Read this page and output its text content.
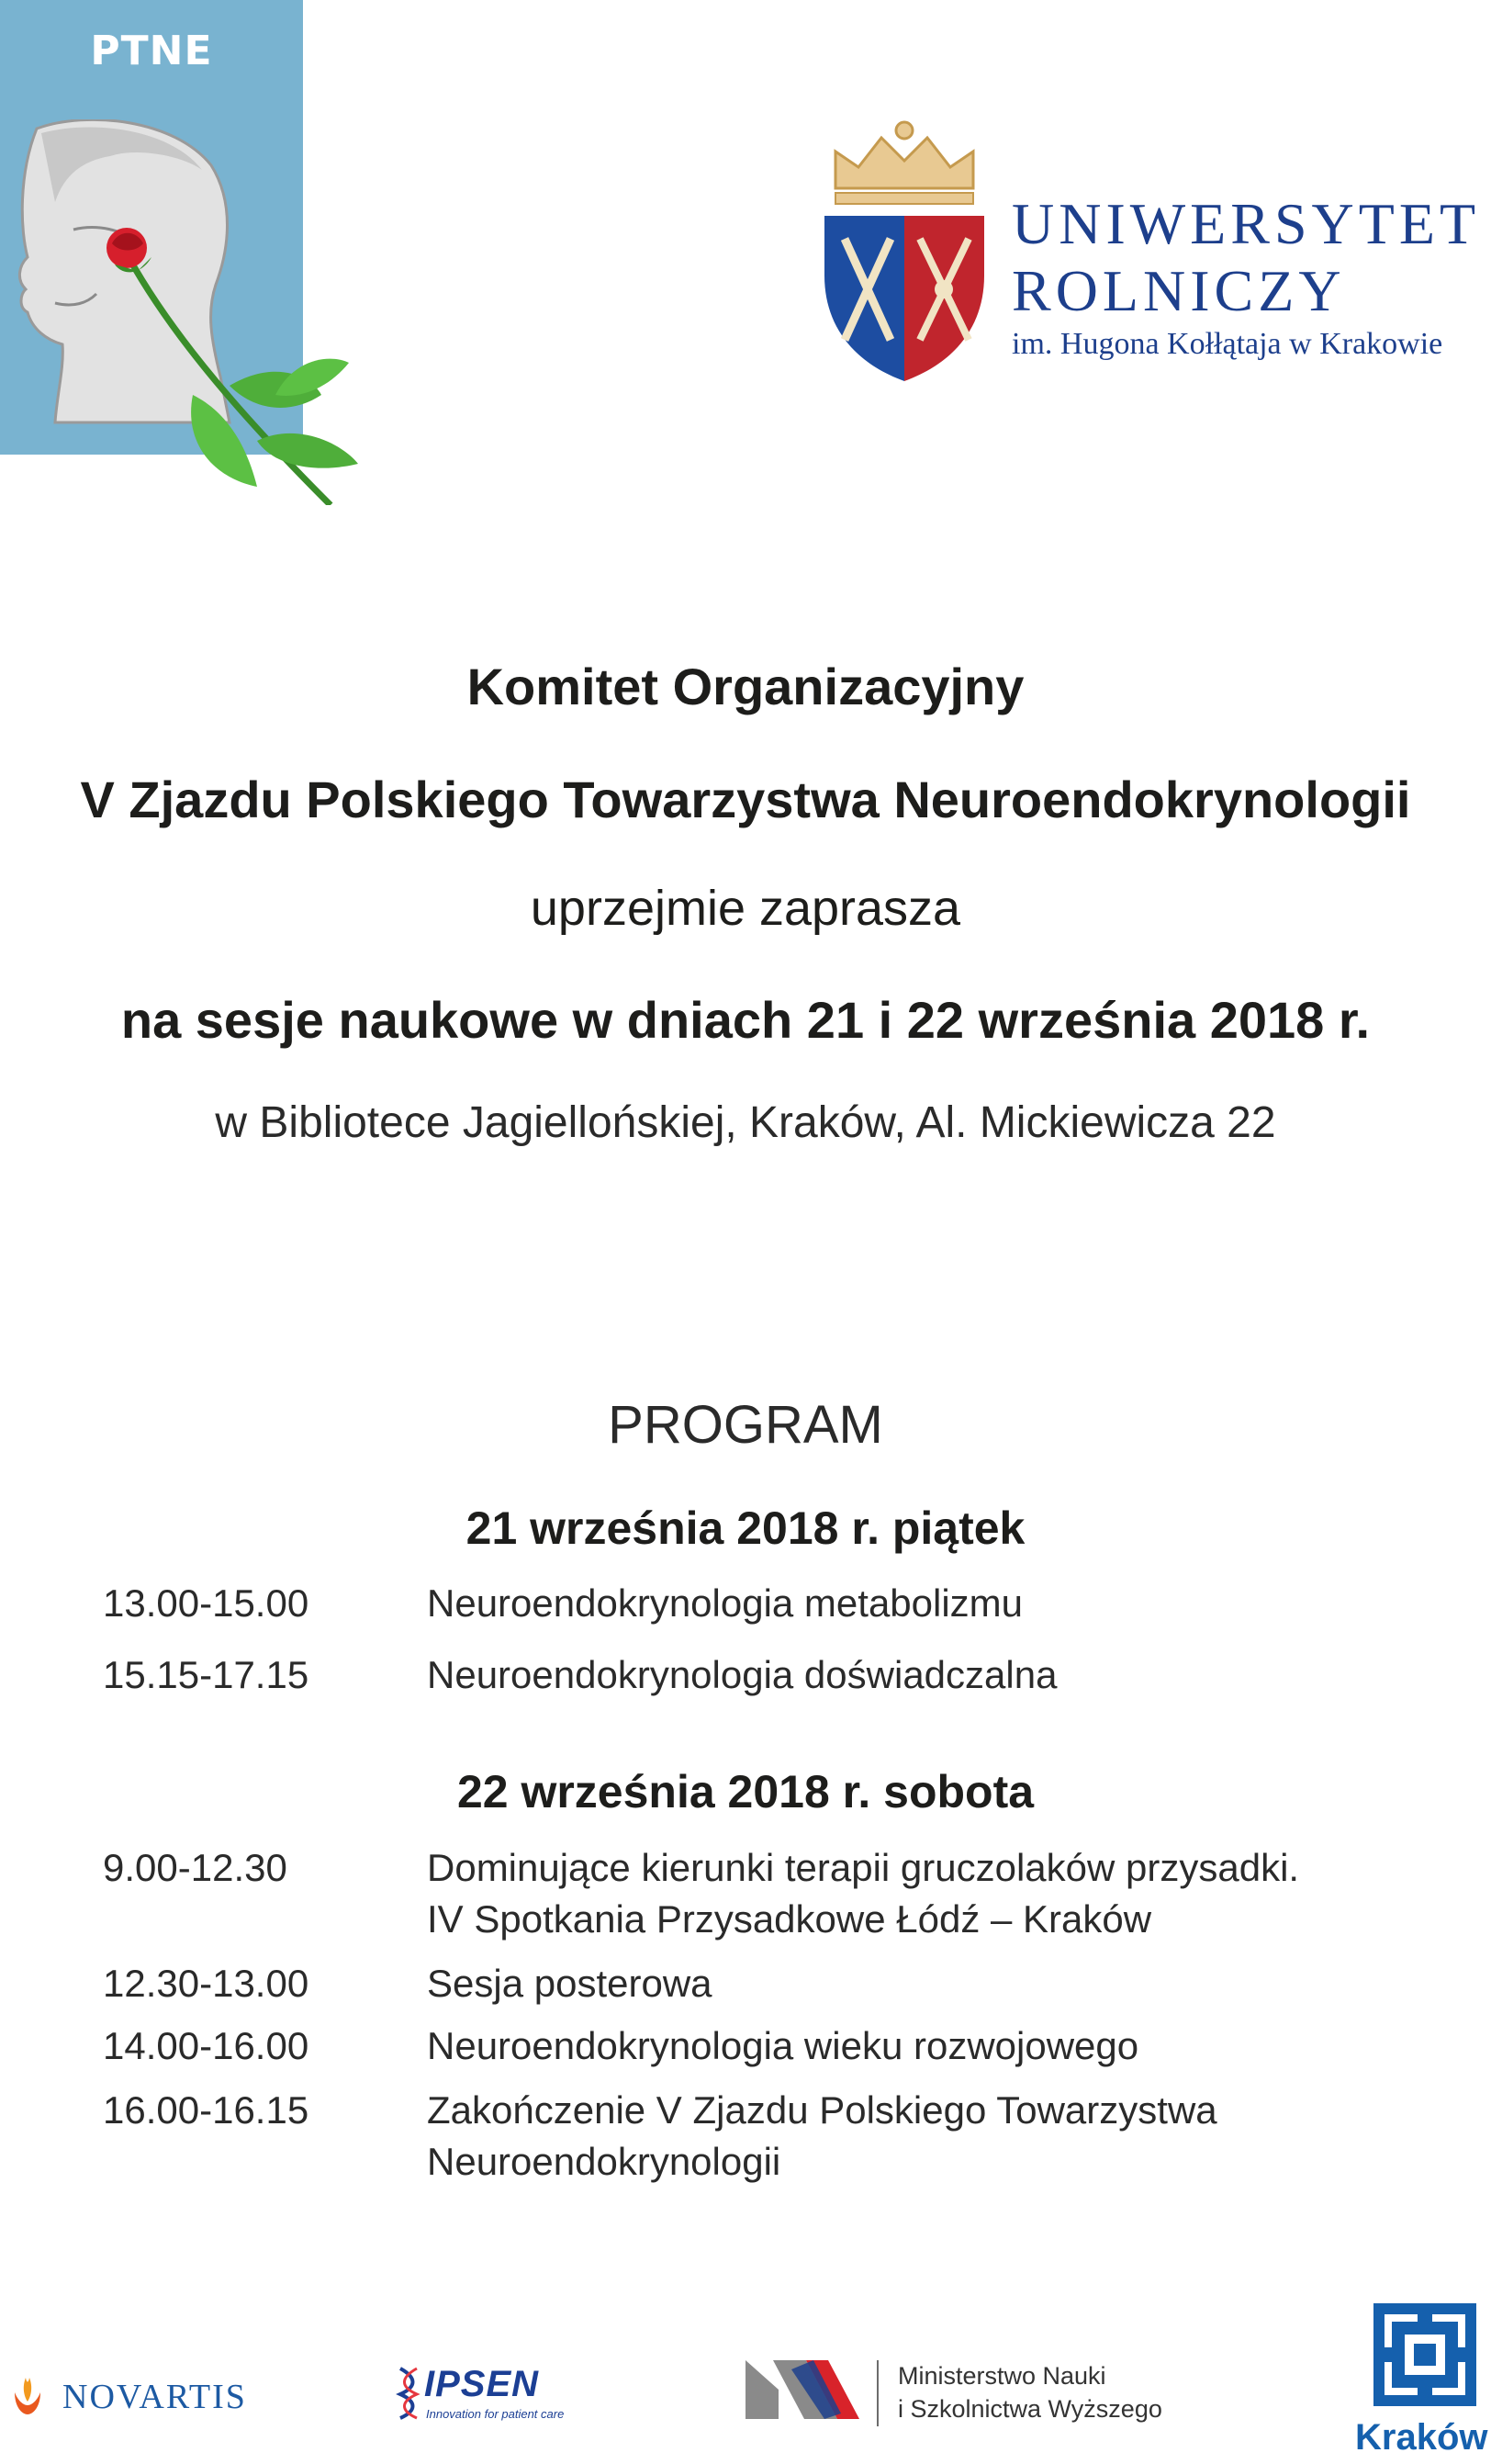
PTNE
UNIWERSYTET
ROLNICZY
im. Hugona Kołłątaja w Krakowie
Komitet Organizacyjny
V Zjazdu Polskiego Towarzystwa Neuroendokrynologii
uprzejmie zaprasza
na sesje naukowe w dniach 21 i 22 września 2018 r.
w Bibliotece Jagiellońskiej, Kraków, Al. Mickiewicza 22
PROGRAM
21 września 2018 r. piątek
13.00-15.00	Neuroendokrynologia metabolizmu
15.15-17.15	Neuroendokrynologia doświadczalna
22 września 2018 r. sobota
9.00-12.30	Dominujące kierunki terapii gruczolaków przysadki.
IV Spotkania Przysadkowe Łódź – Kraków
12.30-13.00	Sesja posterowa
14.00-16.00	Neuroendokrynologia wieku rozwojowego
16.00-16.15	Zakończenie V Zjazdu Polskiego Towarzystwa
Neuroendokrynologii
NOVARTIS	IPSEN
Innovation for patient care
Ministerstwo Nauki
i Szkolnictwa Wyższego
Kraków
